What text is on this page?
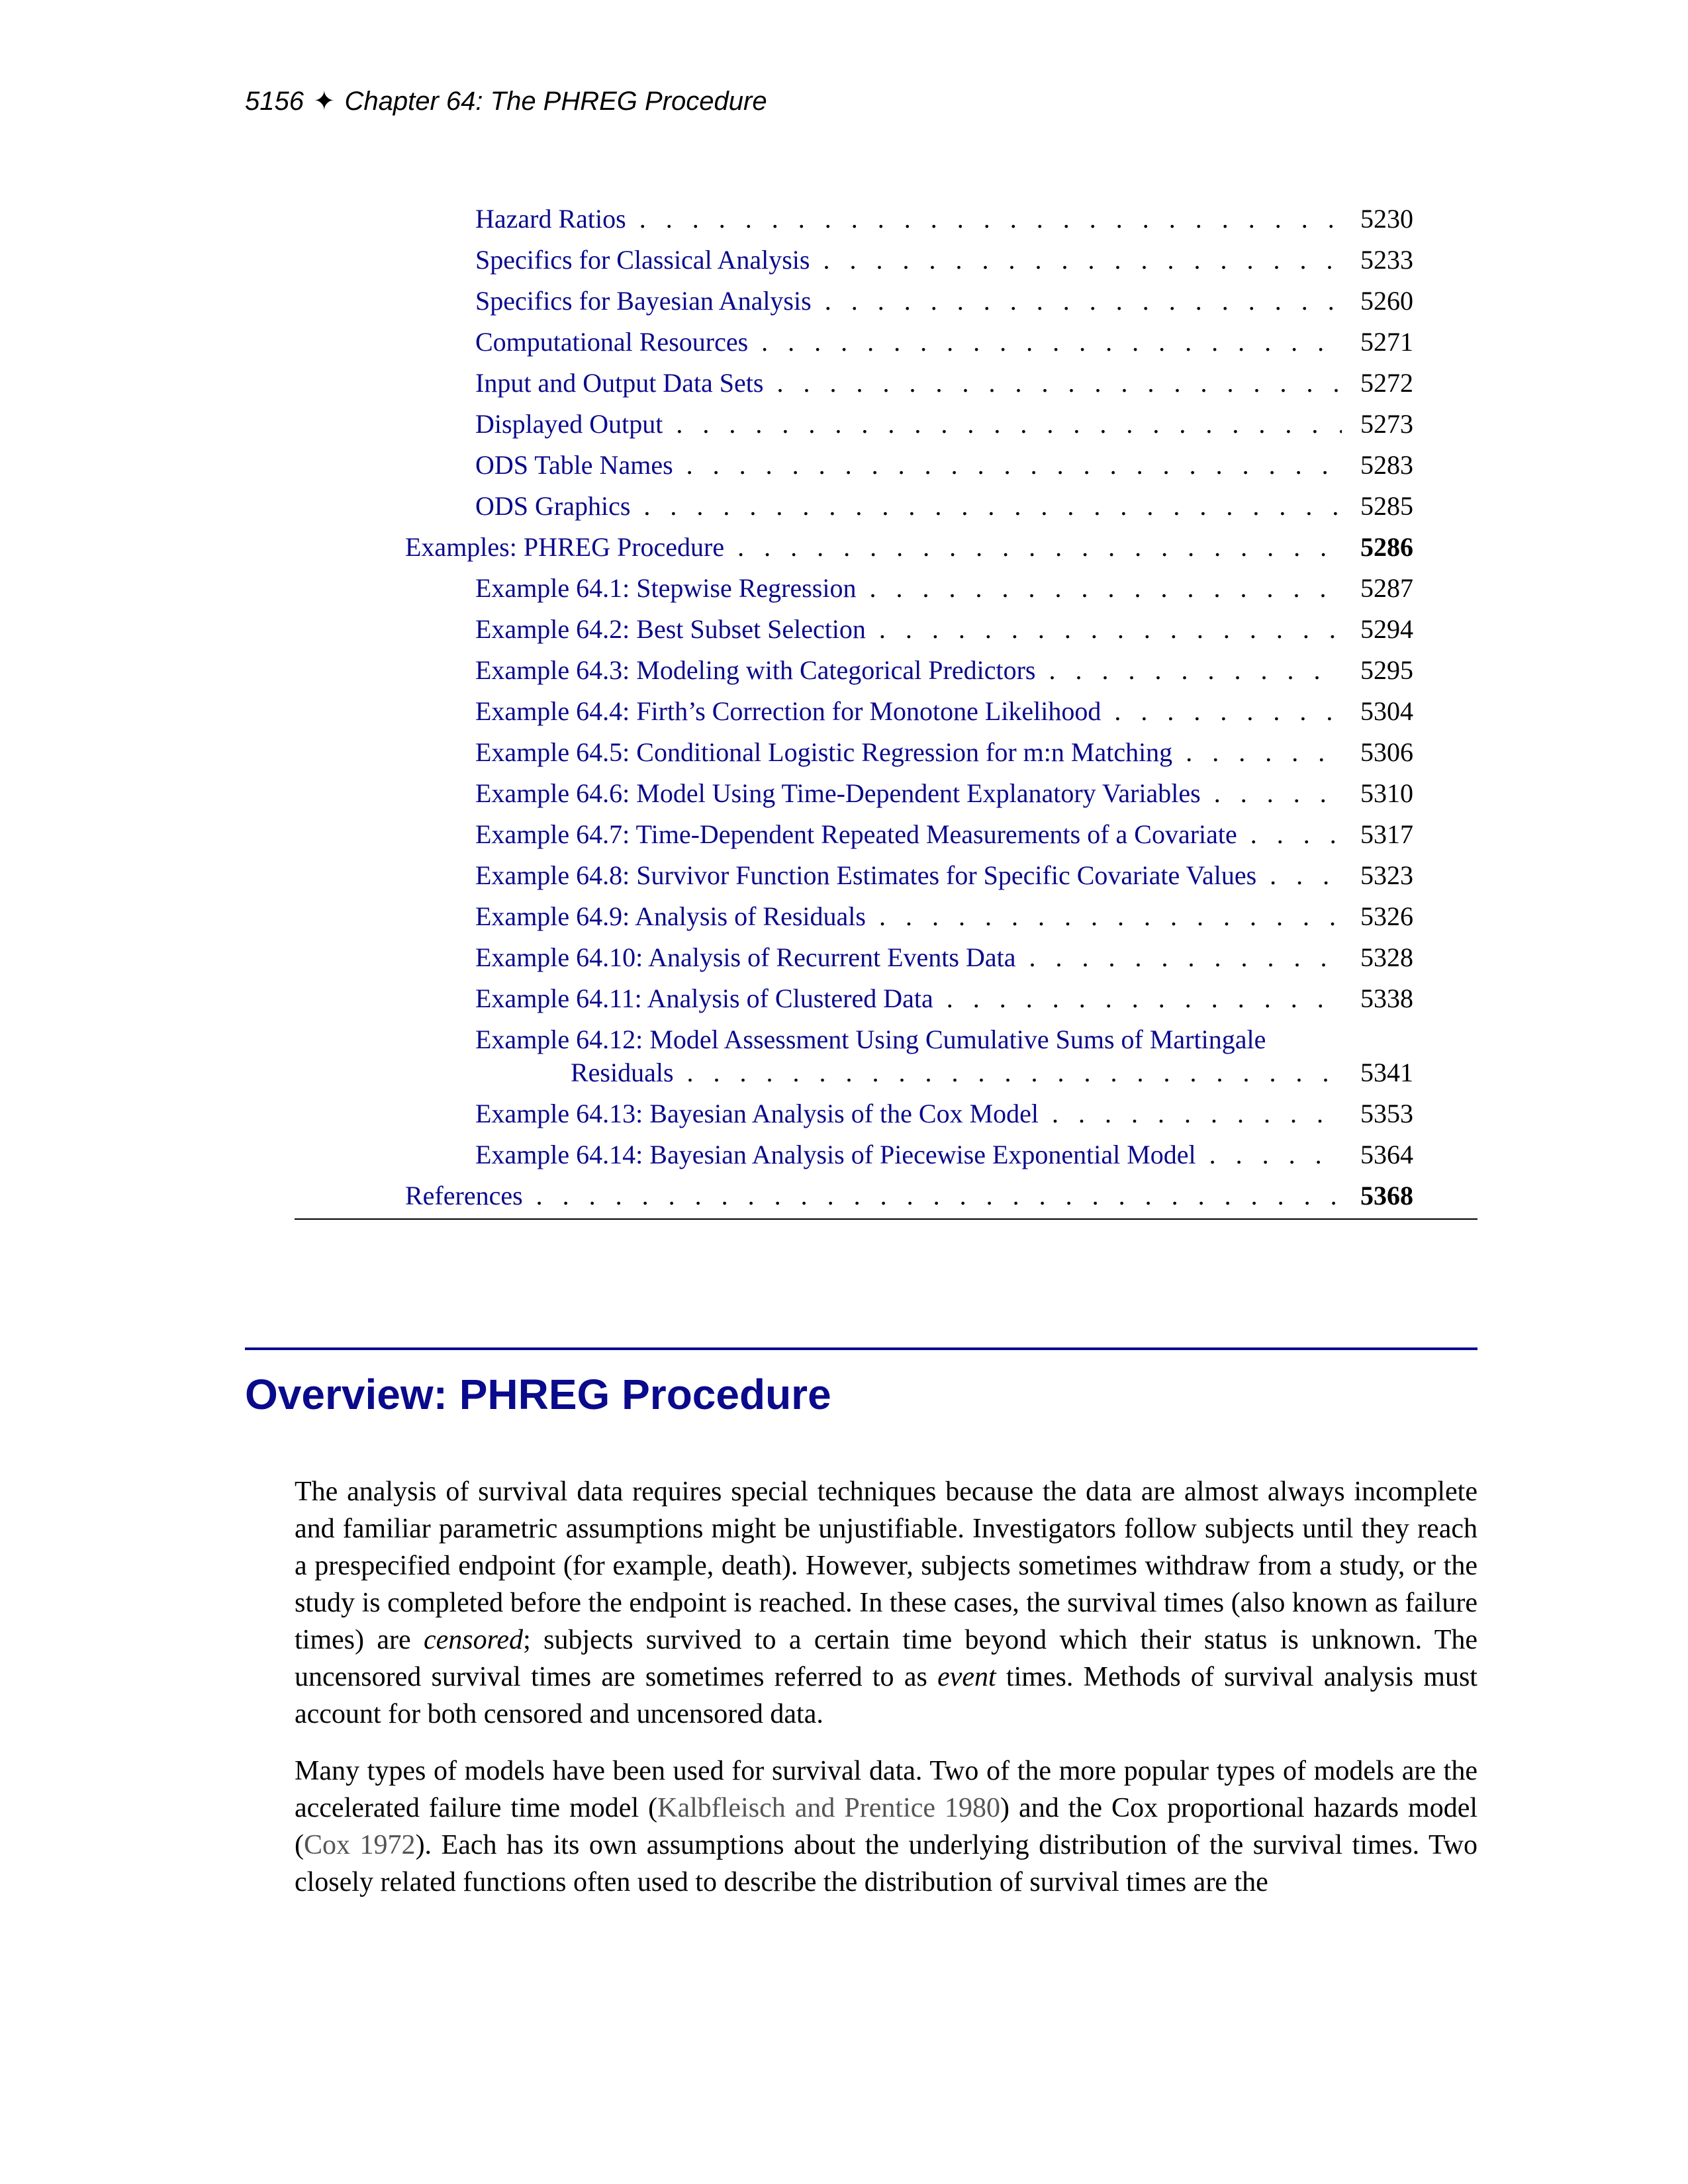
5156 ✦ Chapter 64: The PHREG Procedure
Hazard Ratios . . .	5230
Specifics for Classical Analysis . . .	5233
Specifics for Bayesian Analysis . . .	5260
Computational Resources . . .	5271
Input and Output Data Sets . . .	5272
Displayed Output . . .	5273
ODS Table Names . . .	5283
ODS Graphics . . .	5285
Examples: PHREG Procedure . . .	5286
Example 64.1: Stepwise Regression . . .	5287
Example 64.2: Best Subset Selection . . .	5294
Example 64.3: Modeling with Categorical Predictors . . .	5295
Example 64.4: Firth’s Correction for Monotone Likelihood . . .	5304
Example 64.5: Conditional Logistic Regression for m:n Matching . . .	5306
Example 64.6: Model Using Time-Dependent Explanatory Variables . . .	5310
Example 64.7: Time-Dependent Repeated Measurements of a Covariate . . .	5317
Example 64.8: Survivor Function Estimates for Specific Covariate Values . . .	5323
Example 64.9: Analysis of Residuals . . .	5326
Example 64.10: Analysis of Recurrent Events Data . . .	5328
Example 64.11: Analysis of Clustered Data . . .	5338
Example 64.12: Model Assessment Using Cumulative Sums of Martingale
Residuals . . .	5341
Example 64.13: Bayesian Analysis of the Cox Model . . .	5353
Example 64.14: Bayesian Analysis of Piecewise Exponential Model . . .	5364
References . . .	5368
Overview: PHREG Procedure

The analysis of survival data requires special techniques because the data are almost always incomplete and familiar parametric assumptions might be unjustifiable. Investigators follow subjects until they reach a prespecified endpoint (for example, death). However, subjects sometimes withdraw from a study, or the study is completed before the endpoint is reached. In these cases, the survival times (also known as failure times) are censored; subjects survived to a certain time beyond which their status is unknown. The uncensored survival times are sometimes referred to as event times. Methods of survival analysis must account for both censored and uncensored data.

Many types of models have been used for survival data. Two of the more popular types of models are the accelerated failure time model (Kalbfleisch and Prentice 1980) and the Cox proportional hazards model (Cox 1972). Each has its own assumptions about the underlying distribution of the survival times. Two closely related functions often used to describe the distribution of survival times are the
